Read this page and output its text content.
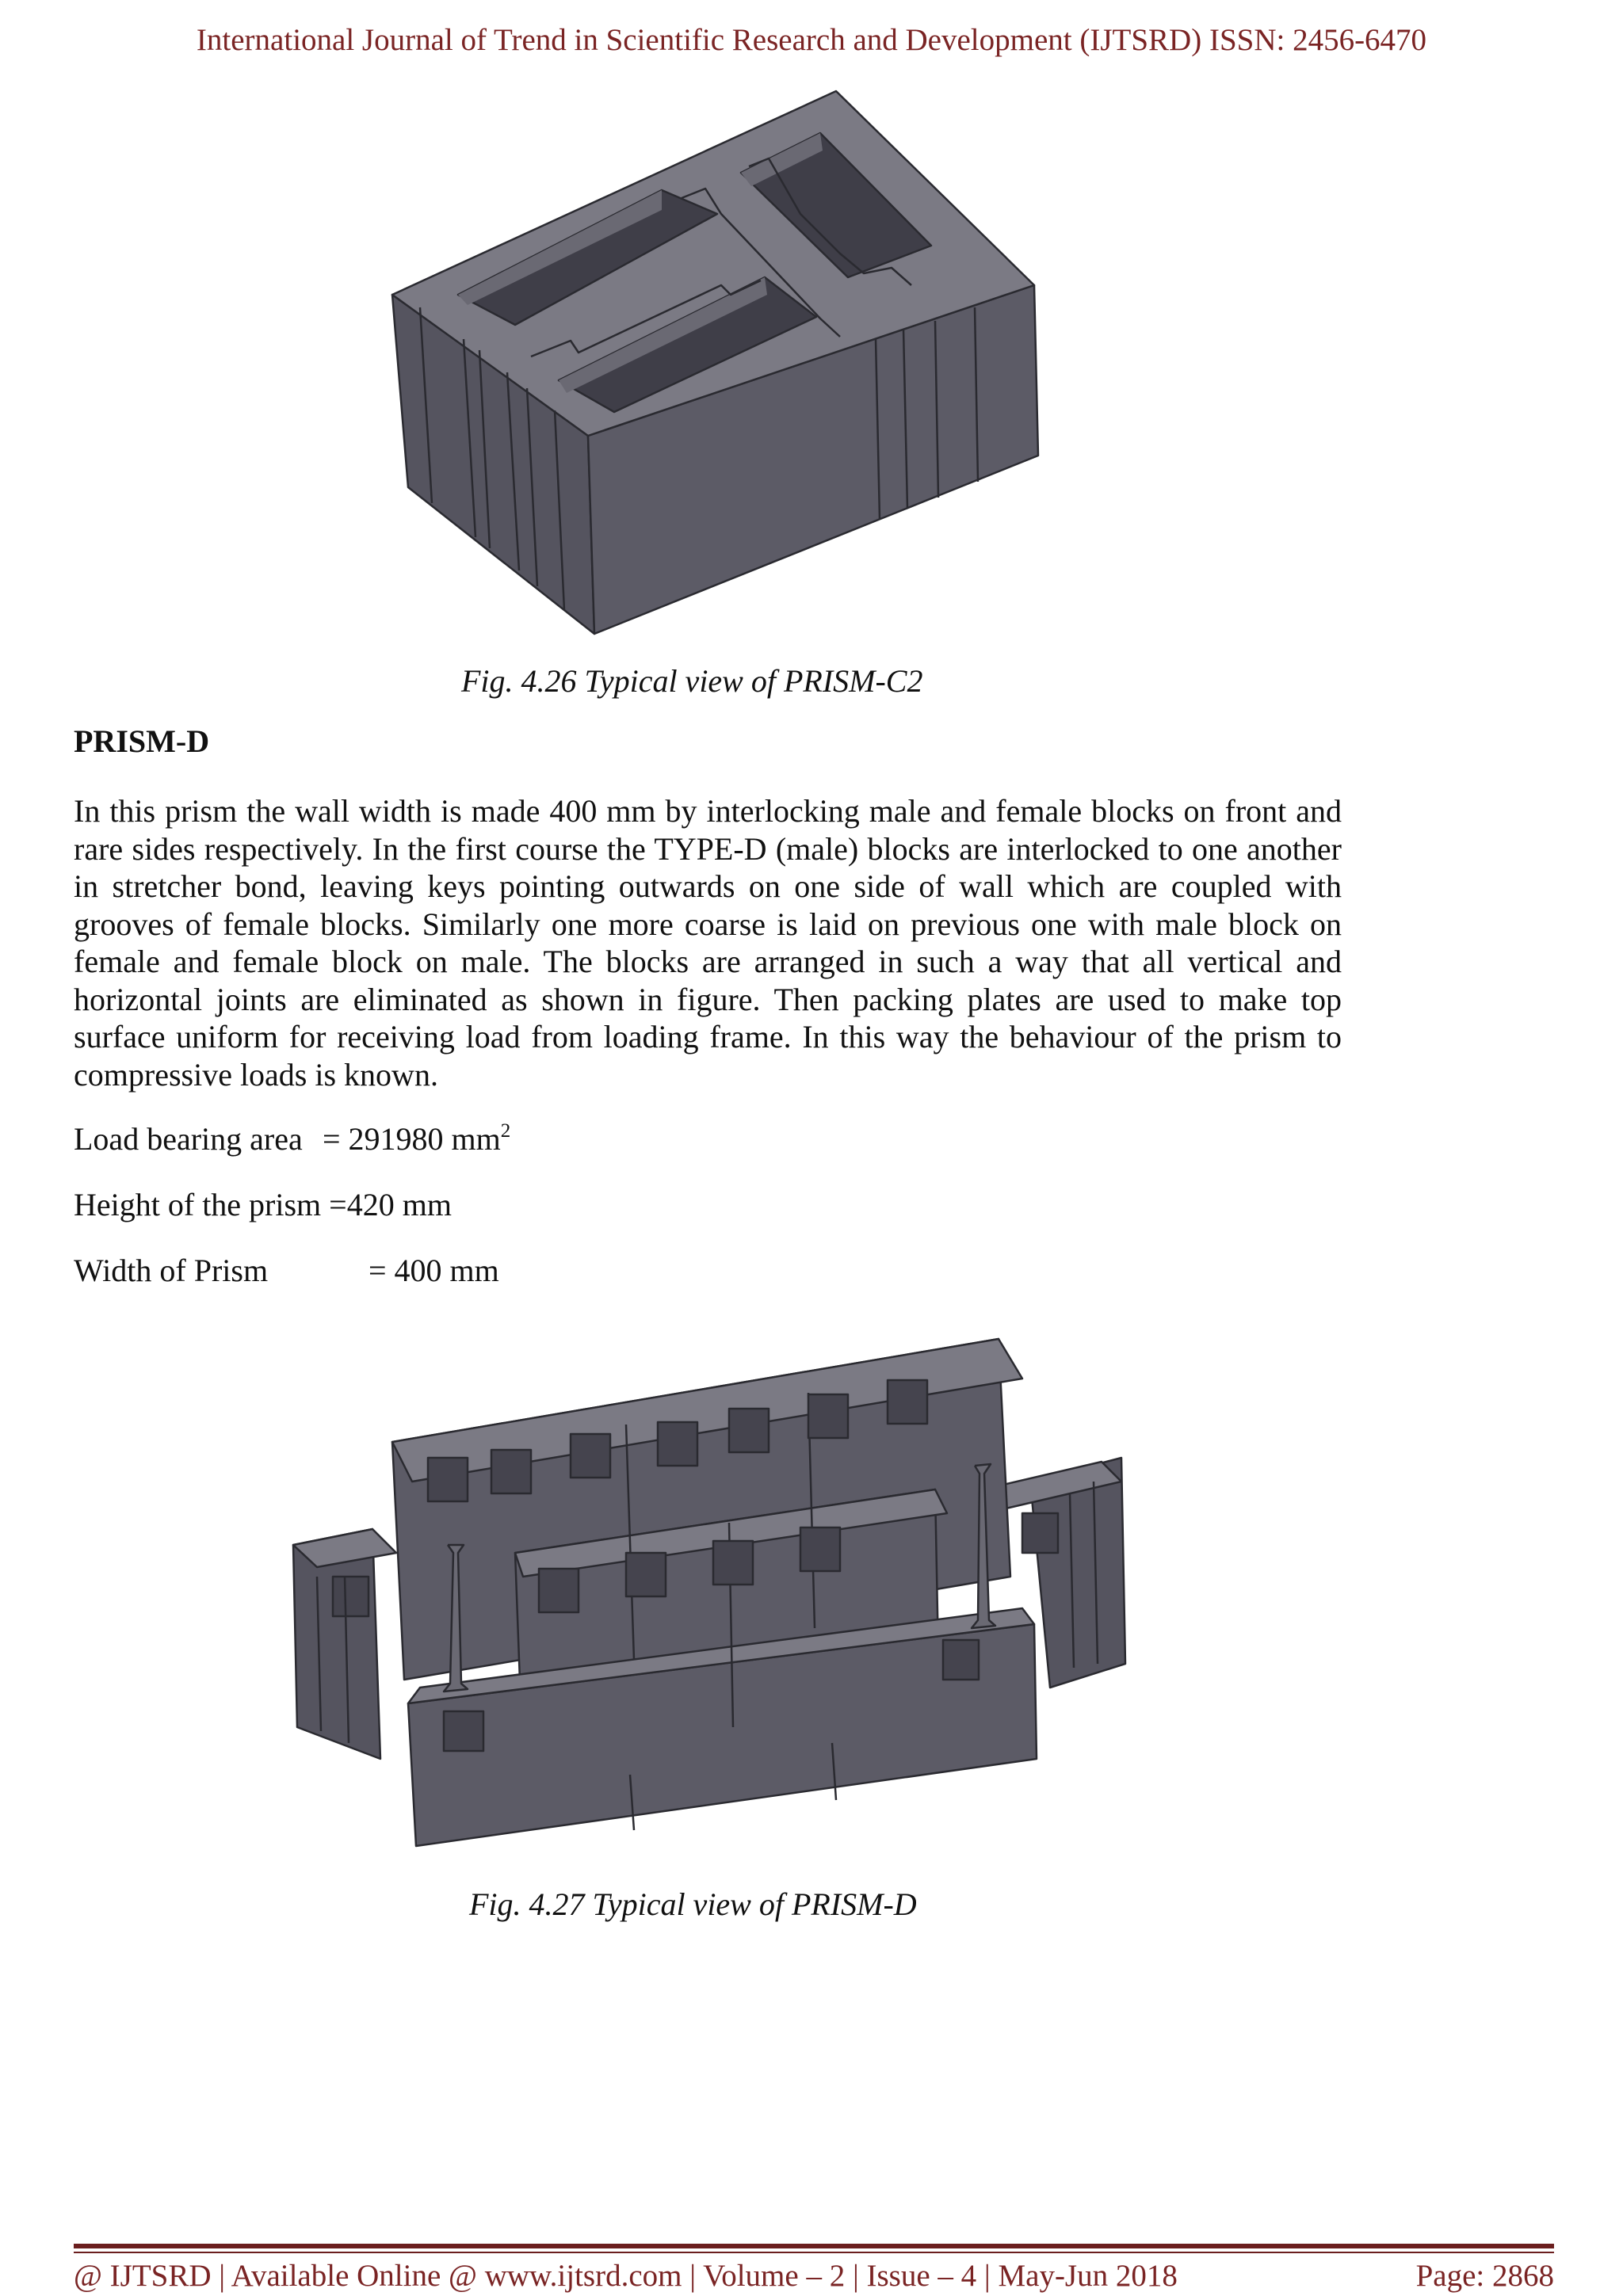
International Journal of Trend in Scientific Research and Development (IJTSRD) ISSN: 2456-6470
Fig. 4.26 Typical view of PRISM-C2
PRISM-D
In this prism the wall width is made 400 mm by interlocking male and female blocks on front and rare sides respectively. In the first course the TYPE-D (male) blocks are interlocked to one another in stretcher bond, leaving keys pointing outwards on one side of wall which are coupled with grooves of female blocks. Similarly one more coarse is laid on previous one with male block on female and female block on male. The blocks are arranged in such a way that all vertical and horizontal joints are eliminated as shown in figure. Then packing plates are used to make top surface uniform for receiving load from loading frame. In this way the behaviour of the prism to compressive loads is known.
Load bearing area = 291980 $mm^2$
Height of the prism =420 mm
Width of Prism	= 400 mm
Fig. 4.27 Typical view of PRISM-D
@ IJTSRD | Available Online @ www.ijtsrd.com | Volume – 2 | Issue – 4 | May-Jun 2018	Page: 2868
